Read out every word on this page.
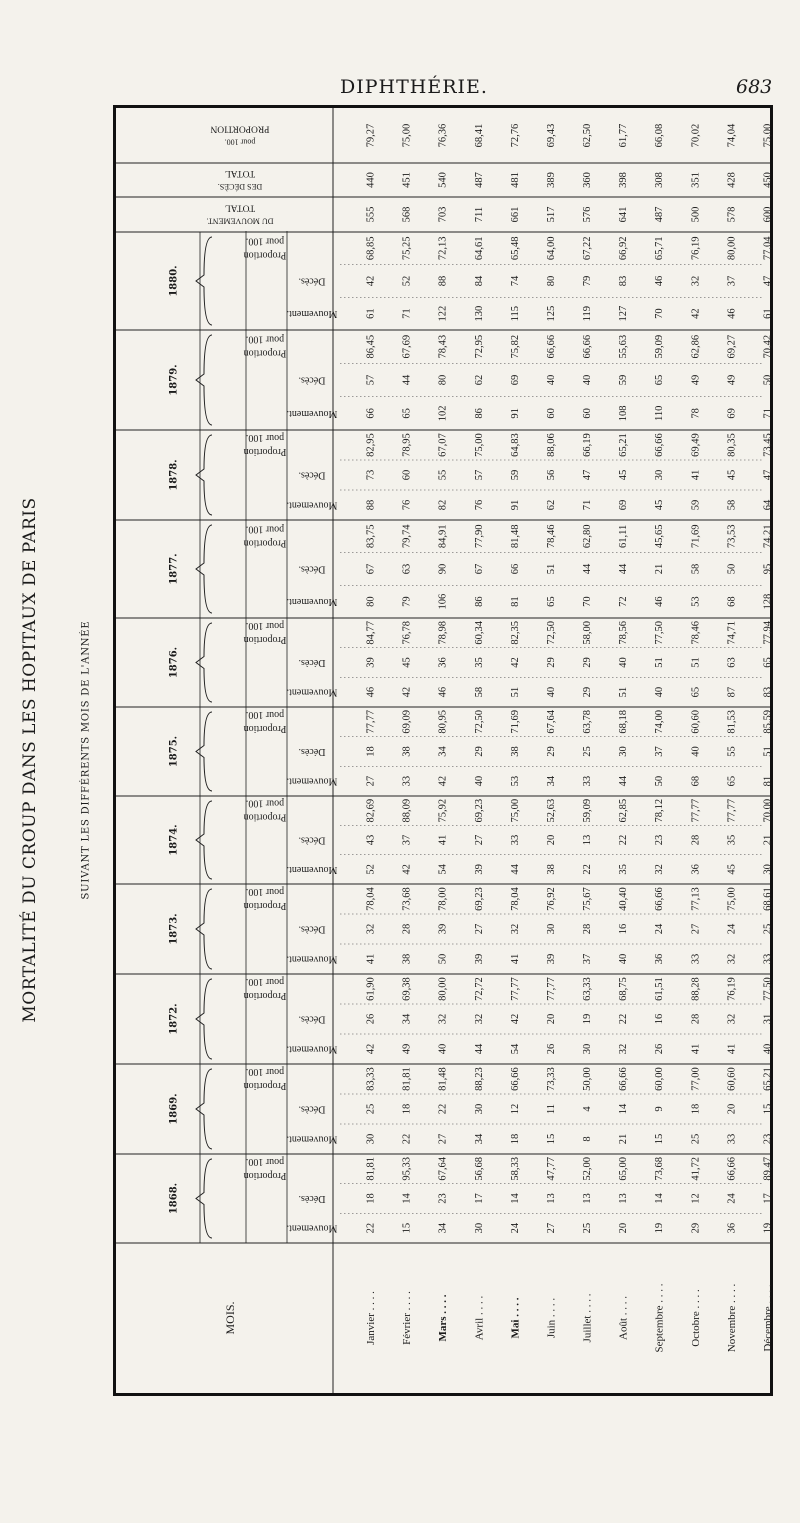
DIPHTHÉRIE.	683
MORTALITÉ DU CROUP DANS LES HOPITAUX DE PARIS	SUIVANT LES DIFFÉRENTS MOIS DE L'ANNÉE
MOIS.
1868.
Mouvement.
Décès.
Proportionpour 100.
1869.
Mouvement.
Décès.
Proportionpour 100.
1872.
Mouvement.
Décès.
Proportionpour 100.
1873.
Mouvement.
Décès.
Proportionpour 100.
1874.
Mouvement.
Décès.
Proportionpour 100.
1875.
Mouvement.
Décès.
Proportionpour 100.
1876.
Mouvement.
Décès.
Proportionpour 100.
1877.
Mouvement.
Décès.
Proportionpour 100.
1878.
Mouvement.
Décès.
Proportionpour 100.
1879.
Mouvement.
Décès.
Proportionpour 100.
1880.
Mouvement.
Décès.
Proportionpour 100.
TOTAL DU MOUVEMENT.
TOTAL DES DÉCÈS.
PROPORTION pour 100.
Janvier . . . . Février . . . . Mars . . . . Avril . . . . Mai . . . . Juin . . . . Juillet . . . . Août . . . . Septembre . . . . Octobre . . . . Novembre . . . . Décembre . . . .
22
18
81,81
30
25
83,33
42
26
61,90
41
32
78,04
52
43
82,69
27
18
77,77
46
39
84,77
80
67
83,75
88
73
82,95
66
57
86,45
61
42
68,85
555
440
79,27
15
14
95,33
22
18
81,81
49
34
69,38
38
28
73,68
42
37
88,09
33
38
69,09
42
45
76,78
79
63
79,74
76
60
78,95
65
44
67,69
71
52
75,25
568
451
75,00
34
23
67,64
27
22
81,48
40
32
80,00
50
39
78,00
54
41
75,92
42
34
80,95
46
36
78,98
106
90
84,91
82
55
67,07
102
80
78,43
122
88
72,13
703
540
76,36
30
17
56,68
34
30
88,23
44
32
72,72
39
27
69,23
39
27
69,23
40
29
72,50
58
35
60,34
86
67
77,90
76
57
75,00
86
62
72,95
130
84
64,61
711
487
68,41
24
14
58,33
18
12
66,66
54
42
77,77
41
32
78,04
44
33
75,00
53
38
71,69
51
42
82,35
81
66
81,48
91
59
64,83
91
69
75,82
115
74
65,48
661
481
72,76
27
13
47,77
15
11
73,33
26
20
77,77
39
30
76,92
38
20
52,63
34
29
67,64
40
29
72,50
65
51
78,46
62
56
88,06
60
40
66,66
125
80
64,00
517
389
69,43
25
13
52,00
8
4
50,00
30
19
63,33
37
28
75,67
22
13
59,09
33
25
63,78
29
29
58,00
70
44
62,80
71
47
66,19
60
40
66,66
119
79
67,22
576
360
62,50
20
13
65,00
21
14
66,66
32
22
68,75
40
16
40,40
35
22
62,85
44
30
68,18
51
40
78,56
72
44
61,11
69
45
65,21
108
59
55,63
127
83
66,92
641
398
61,77
19
14
73,68
15
9
60,00
26
16
61,51
36
24
66,66
32
23
78,12
50
37
74,00
40
51
77,50
46
21
45,65
45
30
66,66
110
65
59,09
70
46
65,71
487
308
66,08
29
12
41,72
25
18
77,00
41
28
88,28
33
27
77,13
36
28
77,77
68
40
60,60
65
51
78,46
53
58
71,69
59
41
69,49
78
49
62,86
42
32
76,19
500
351
70,02
36
24
66,66
33
20
60,60
41
32
76,19
32
24
75,00
45
35
77,77
65
55
81,53
87
63
74,71
68
50
73,53
58
45
80,35
69
49
69,27
46
37
80,00
578
428
74,04
19
17
89,47
23
15
65,21
40
31
77,50
33
25
68,61
30
21
70,00
81
51
85,59
83
65
77,94
128
95
74,21
64
47
73,45
71
50
70,42
61
47
77,04
600
450
75,00
